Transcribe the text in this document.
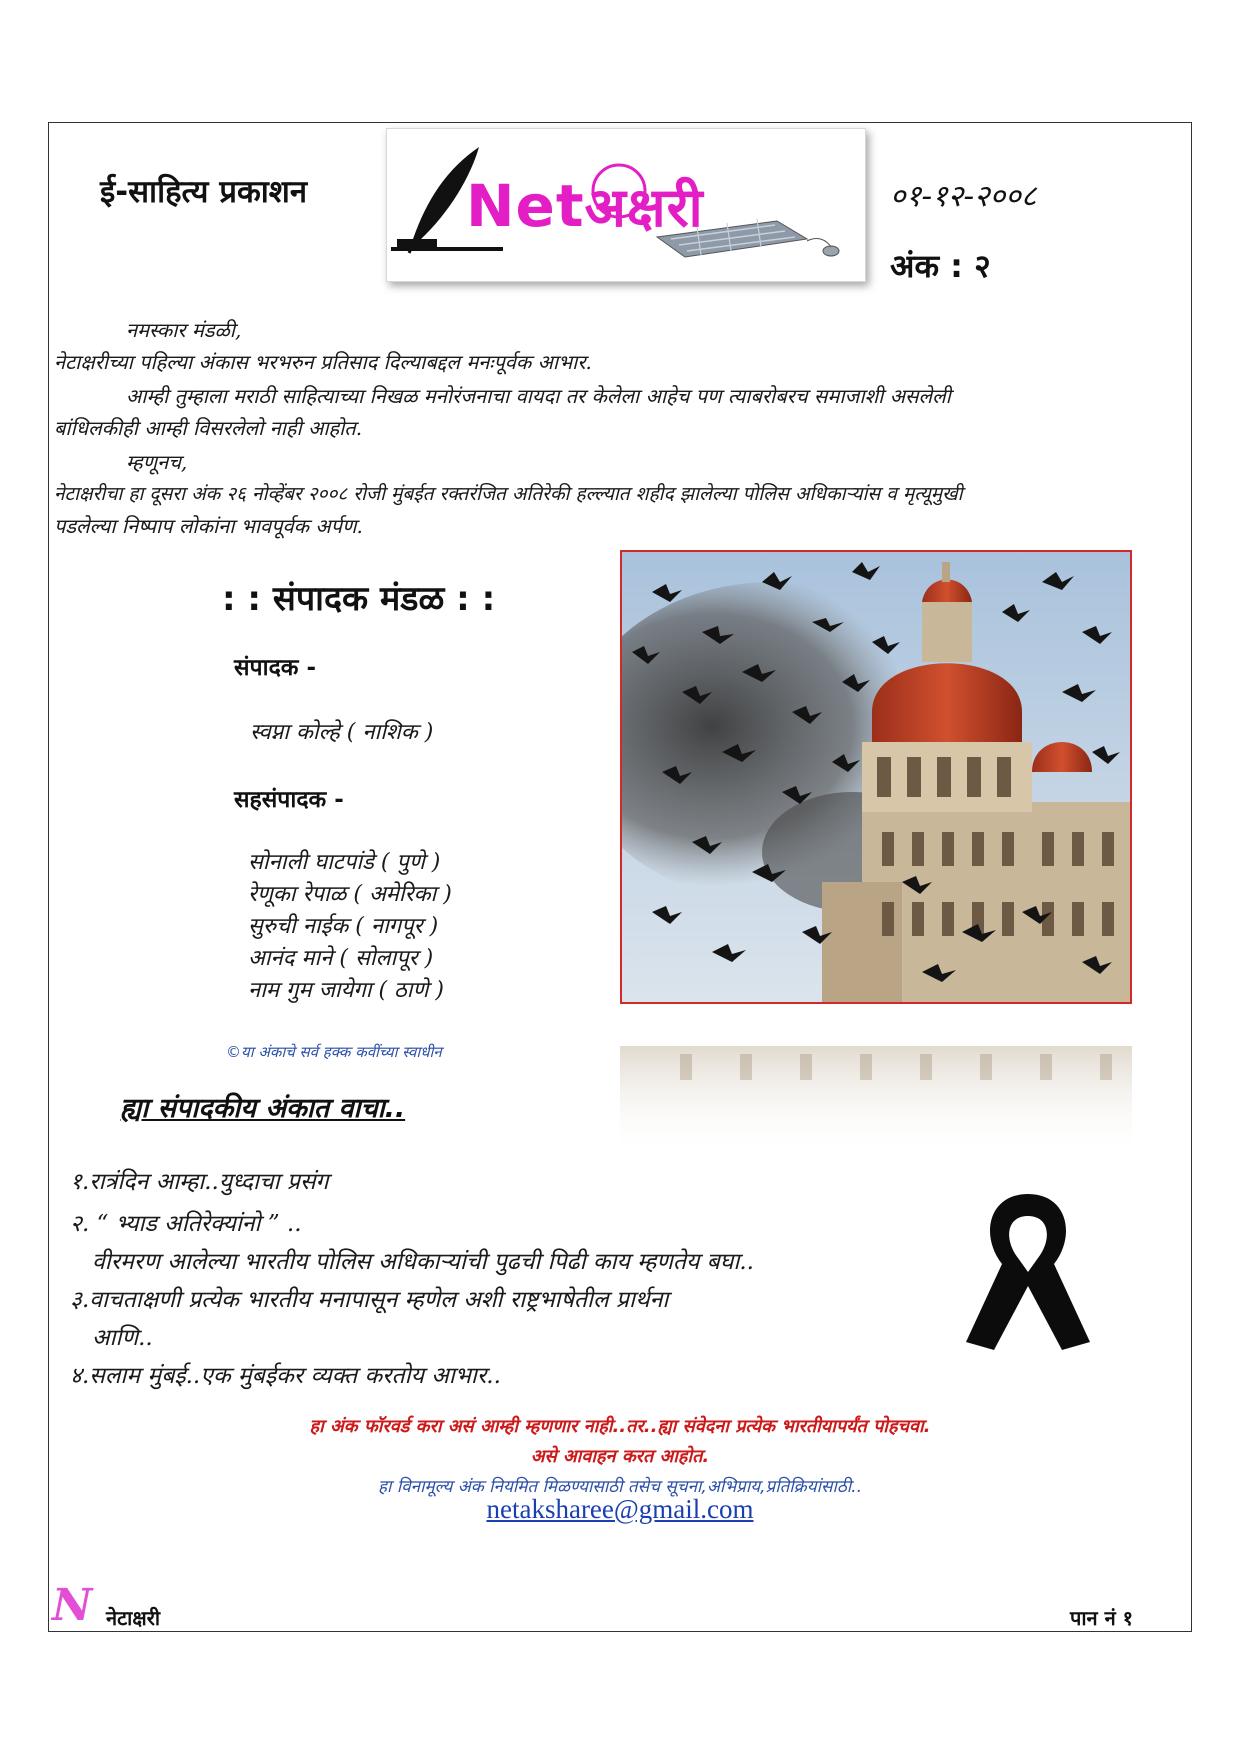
ई-साहित्य प्रकाशन	Netअक्षरी	०१-१२-२००८
अंक : २
नमस्कार मंडळी,
नेटाक्षरीच्या पहिल्या अंकास भरभरुन प्रतिसाद दिल्याबद्दल मनःपूर्वक आभार.
आम्ही तुम्हाला मराठी साहित्याच्या निखळ मनोरंजनाचा वायदा तर केलेला आहेच पण त्याबरोबरच समाजाशी असलेली
बांधिलकीही आम्ही विसरलेलो नाही आहोत.
म्हणूनच,
नेटाक्षरीचा हा दूसरा अंक २६ नोव्हेंबर २००८ रोजी मुंबईत रक्तरंजित अतिरेकी हल्ल्यात शहीद झालेल्या पोलिस अधिकाऱ्यांस व मृत्यूमुखी
पडलेल्या निष्पाप लोकांना भावपूर्वक अर्पण.
: : संपादक मंडळ : :
संपादक -
स्वप्ना कोल्हे ( नाशिक )
सहसंपादक -
सोनाली घाटपांडे ( पुणे )
रेणूका रेपाळ ( अमेरिका )
सुरुची नाईक ( नागपूर )
आनंद माने ( सोलापूर )
नाम गुम जायेगा ( ठाणे )
©या अंकाचे सर्व हक्क कवींच्या स्वाधीन
ह्या संपादकीय अंकात वाचा..
१.रात्रंदिन आम्हा..युध्दाचा प्रसंग
२. “ भ्याड अतिरेक्यांनो ” ..
वीरमरण आलेल्या भारतीय पोलिस अधिकाऱ्यांची पुढची पिढी काय म्हणतेय बघा..
३.वाचताक्षणी प्रत्येक भारतीय मनापासून म्हणेल अशी राष्ट्रभाषेतील प्रार्थना
आणि..
४.सलाम मुंबई..एक मुंबईकर व्यक्त करतोय आभार..
हा अंक फॉरवर्ड करा असं आम्ही म्हणणार नाही..तर..ह्या संवेदना प्रत्येक भारतीयापर्यंत पोहचवा.
असे आवाहन करत आहोत.
हा विनामूल्य अंक नियमित मिळण्यासाठी तसेच सूचना,अभिप्राय,प्रतिक्रियांसाठी..
netaksharee@gmail.com
N नेटाक्षरी	पान नं १
